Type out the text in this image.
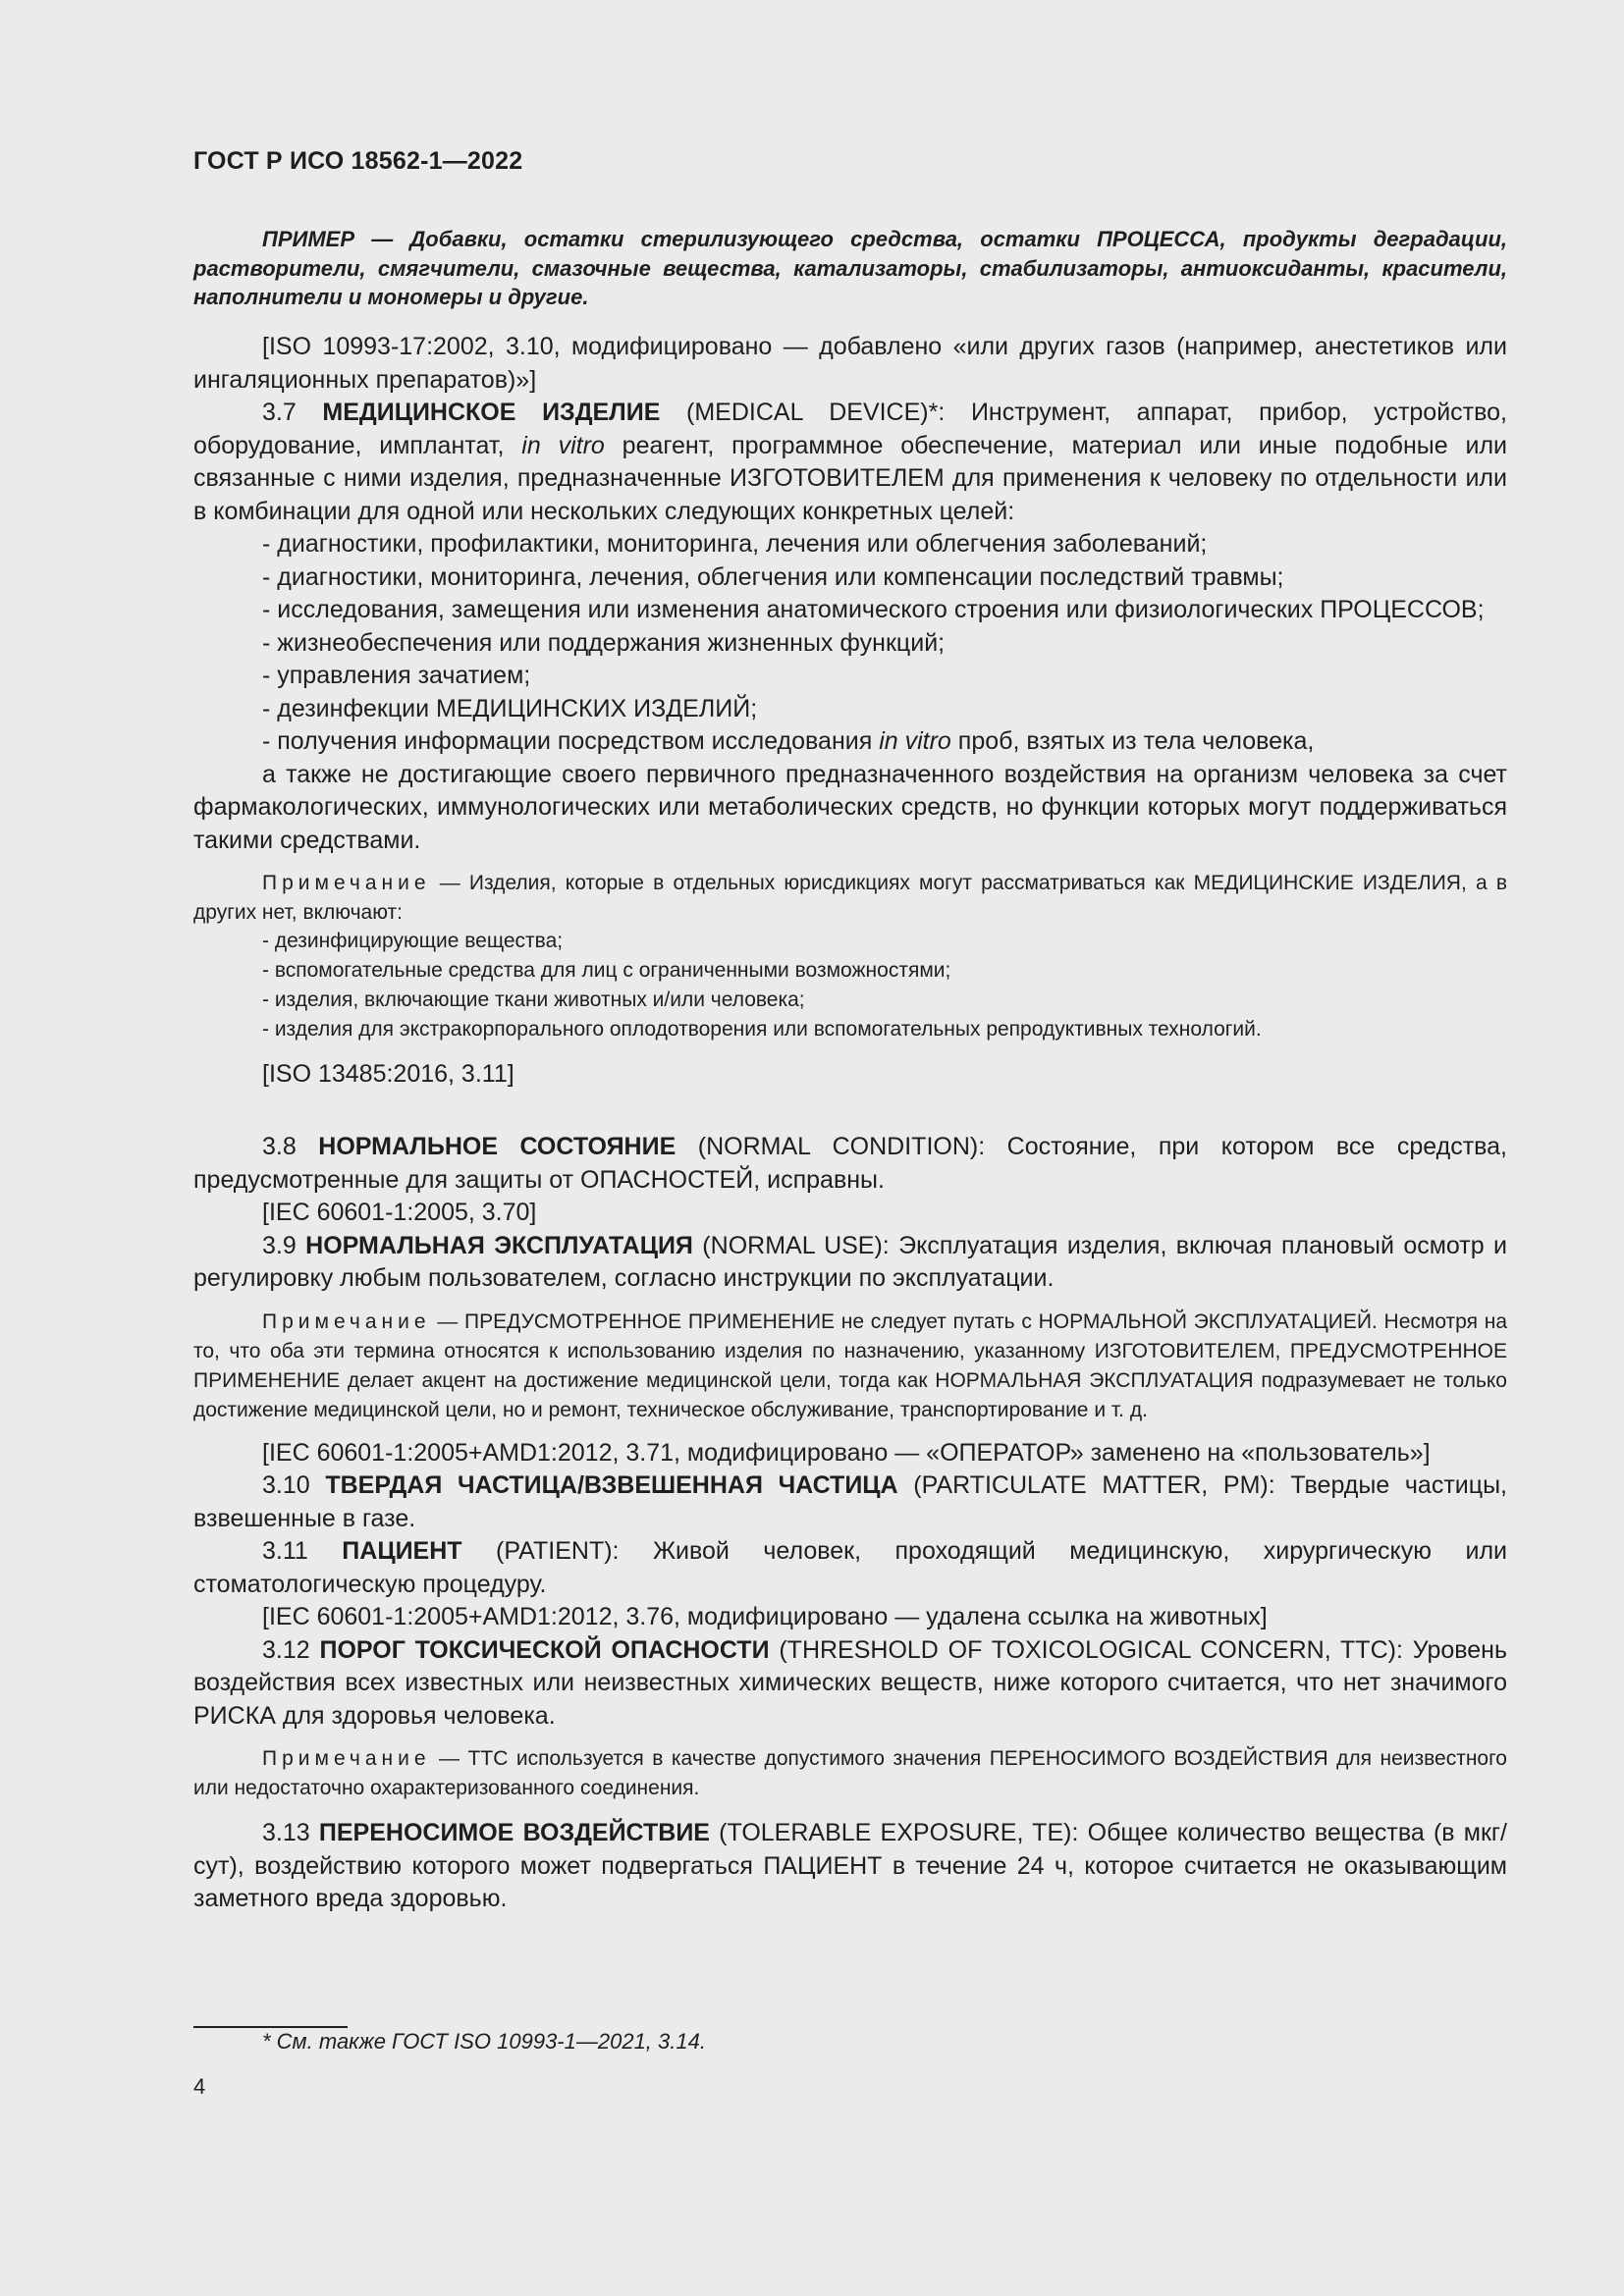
ГОСТ Р ИСО 18562-1—2022

ПРИМЕР — Добавки, остатки стерилизующего средства, остатки ПРОЦЕССА, продукты деградации, растворители, смягчители, смазочные вещества, катализаторы, стабилизаторы, антиоксиданты, красители, наполнители и мономеры и другие.

[ISO 10993-17:2002, 3.10, модифицировано — добавлено «или других газов (например, анестетиков или ингаляционных препаратов)»]

3.7 МЕДИЦИНСКОЕ ИЗДЕЛИЕ (MEDICAL DEVICE)*: Инструмент, аппарат, прибор, устройство, оборудование, имплантат, in vitro реагент, программное обеспечение, материал или иные подобные или связанные с ними изделия, предназначенные ИЗГОТОВИТЕЛЕМ для применения к человеку по отдельности или в комбинации для одной или нескольких следующих конкретных целей:

- диагностики, профилактики, мониторинга, лечения или облегчения заболеваний;

- диагностики, мониторинга, лечения, облегчения или компенсации последствий травмы;

- исследования, замещения или изменения анатомического строения или физиологических ПРОЦЕССОВ;

- жизнеобеспечения или поддержания жизненных функций;

- управления зачатием;

- дезинфекции МЕДИЦИНСКИХ ИЗДЕЛИЙ;

- получения информации посредством исследования in vitro проб, взятых из тела человека,

а также не достигающие своего первичного предназначенного воздействия на организм человека за счет фармакологических, иммунологических или метаболических средств, но функции которых могут поддерживаться такими средствами.

Примечание — Изделия, которые в отдельных юрисдикциях могут рассматриваться как МЕДИЦИНСКИЕ ИЗДЕЛИЯ, а в других нет, включают:

- дезинфицирующие вещества;

- вспомогательные средства для лиц с ограниченными возможностями;

- изделия, включающие ткани животных и/или человека;

- изделия для экстракорпорального оплодотворения или вспомогательных репродуктивных технологий.

[ISO 13485:2016, 3.11]

3.8 НОРМАЛЬНОЕ СОСТОЯНИЕ (NORMAL CONDITION): Состояние, при котором все средства, предусмотренные для защиты от ОПАСНОСТЕЙ, исправны.

[IEC 60601-1:2005, 3.70]

3.9 НОРМАЛЬНАЯ ЭКСПЛУАТАЦИЯ (NORMAL USE): Эксплуатация изделия, включая плановый осмотр и регулировку любым пользователем, согласно инструкции по эксплуатации.

Примечание — ПРЕДУСМОТРЕННОЕ ПРИМЕНЕНИЕ не следует путать с НОРМАЛЬНОЙ ЭКСПЛУАТАЦИЕЙ. Несмотря на то, что оба эти термина относятся к использованию изделия по назначению, указанному ИЗГОТОВИТЕЛЕМ, ПРЕДУСМОТРЕННОЕ ПРИМЕНЕНИЕ делает акцент на достижение медицинской цели, тогда как НОРМАЛЬНАЯ ЭКСПЛУАТАЦИЯ подразумевает не только достижение медицинской цели, но и ремонт, техническое обслуживание, транспортирование и т. д.

[IEC 60601-1:2005+AMD1:2012, 3.71, модифицировано — «ОПЕРАТОР» заменено на «пользователь»]

3.10 ТВЕРДАЯ ЧАСТИЦА/ВЗВЕШЕННАЯ ЧАСТИЦА (PARTICULATE MATTER, PM): Твердые частицы, взвешенные в газе.

3.11 ПАЦИЕНТ (PATIENT): Живой человек, проходящий медицинскую, хирургическую или стоматологическую процедуру.

[IEC 60601-1:2005+AMD1:2012, 3.76, модифицировано — удалена ссылка на животных]

3.12 ПОРОГ ТОКСИЧЕСКОЙ ОПАСНОСТИ (THRESHOLD OF TOXICOLOGICAL CONCERN, TTC): Уровень воздействия всех известных или неизвестных химических веществ, ниже которого считается, что нет значимого РИСКА для здоровья человека.

Примечание — TTC используется в качестве допустимого значения ПЕРЕНОСИМОГО ВОЗДЕЙСТВИЯ для неизвестного или недостаточно охарактеризованного соединения.

3.13 ПЕРЕНОСИМОЕ ВОЗДЕЙСТВИЕ (TOLERABLE EXPOSURE, TE): Общее количество вещества (в мкг/сут), воздействию которого может подвергаться ПАЦИЕНТ в течение 24 ч, которое считается не оказывающим заметного вреда здоровью.

* См. также ГОСТ ISO 10993-1—2021, 3.14.
4
